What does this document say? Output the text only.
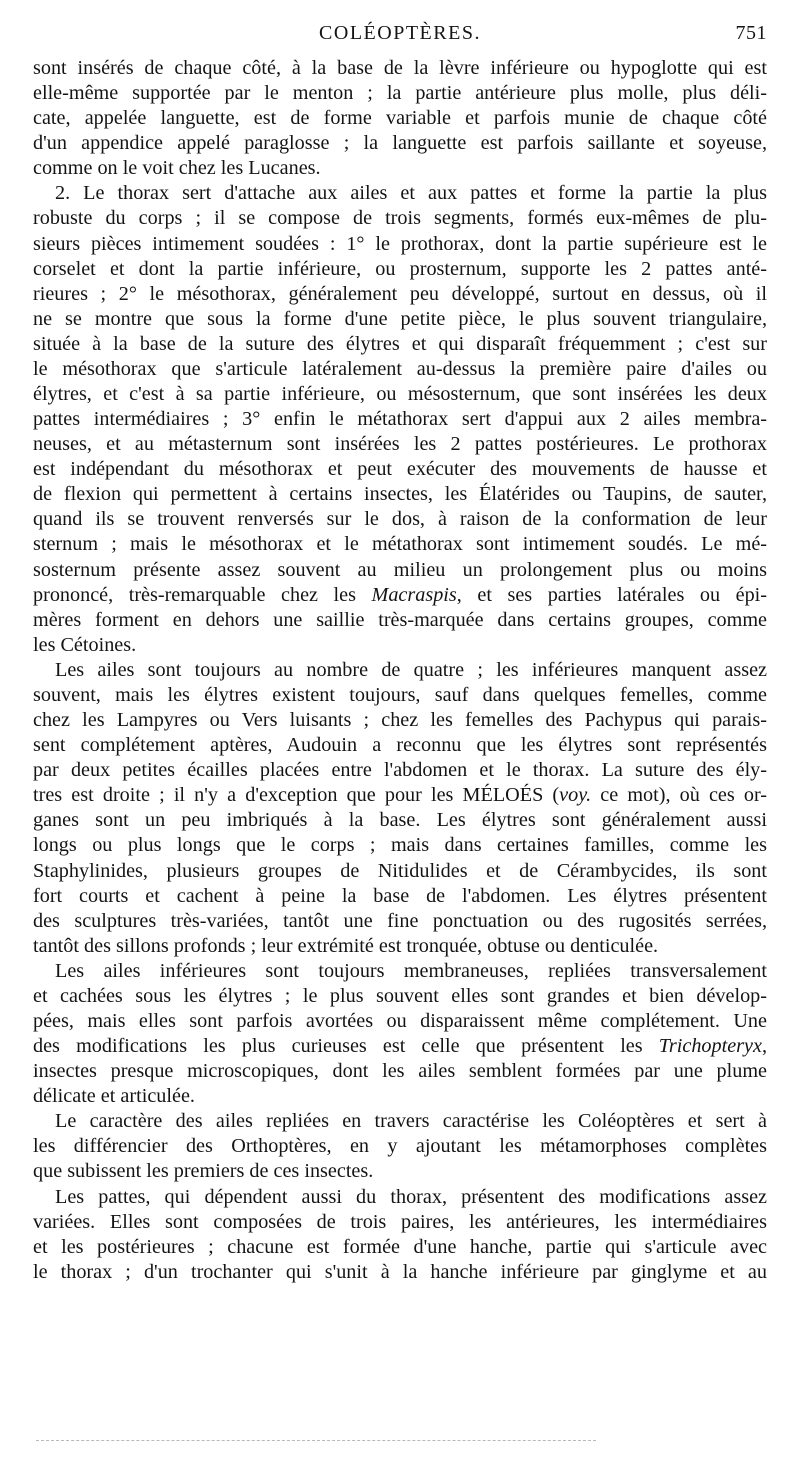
COLÉOPTÈRES.	751
sont insérés de chaque côté, à la base de la lèvre inférieure ou hypoglotte qui est
elle-même supportée par le menton ; la partie antérieure plus molle, plus déli-
cate, appelée languette, est de forme variable et parfois munie de chaque côté
d'un appendice appelé paraglosse ; la languette est parfois saillante et soyeuse,
comme on le voit chez les Lucanes.
2. Le thorax sert d'attache aux ailes et aux pattes et forme la partie la plus
robuste du corps ; il se compose de trois segments, formés eux-mêmes de plu-
sieurs pièces intimement soudées : 1° le prothorax, dont la partie supérieure est le
corselet et dont la partie inférieure, ou prosternum, supporte les 2 pattes anté-
rieures ; 2° le mésothorax, généralement peu développé, surtout en dessus, où il
ne se montre que sous la forme d'une petite pièce, le plus souvent triangulaire,
située à la base de la suture des élytres et qui disparaît fréquemment ; c'est sur
le mésothorax que s'articule latéralement au-dessus la première paire d'ailes ou
élytres, et c'est à sa partie inférieure, ou mésosternum, que sont insérées les deux
pattes intermédiaires ; 3° enfin le métathorax sert d'appui aux 2 ailes membra-
neuses, et au métasternum sont insérées les 2 pattes postérieures. Le prothorax
est indépendant du mésothorax et peut exécuter des mouvements de hausse et
de flexion qui permettent à certains insectes, les Élatérides ou Taupins, de sauter,
quand ils se trouvent renversés sur le dos, à raison de la conformation de leur
sternum ; mais le mésothorax et le métathorax sont intimement soudés. Le mé-
sosternum présente assez souvent au milieu un prolongement plus ou moins
prononcé, très-remarquable chez les Macraspis, et ses parties latérales ou épi-
mères forment en dehors une saillie très-marquée dans certains groupes, comme
les Cétoines.
Les ailes sont toujours au nombre de quatre ; les inférieures manquent assez
souvent, mais les élytres existent toujours, sauf dans quelques femelles, comme
chez les Lampyres ou Vers luisants ; chez les femelles des Pachypus qui parais-
sent complétement aptères, Audouin a reconnu que les élytres sont représentés
par deux petites écailles placées entre l'abdomen et le thorax. La suture des ély-
tres est droite ; il n'y a d'exception que pour les MÉLOÉS (voy. ce mot), où ces or-
ganes sont un peu imbriqués à la base. Les élytres sont généralement aussi
longs ou plus longs que le corps ; mais dans certaines familles, comme les
Staphylinides, plusieurs groupes de Nitidulides et de Cérambycides, ils sont
fort courts et cachent à peine la base de l'abdomen. Les élytres présentent
des sculptures très-variées, tantôt une fine ponctuation ou des rugosités serrées,
tantôt des sillons profonds ; leur extrémité est tronquée, obtuse ou denticulée.
Les ailes inférieures sont toujours membraneuses, repliées transversalement
et cachées sous les élytres ; le plus souvent elles sont grandes et bien dévelop-
pées, mais elles sont parfois avortées ou disparaissent même complétement. Une
des modifications les plus curieuses est celle que présentent les Trichopteryx,
insectes presque microscopiques, dont les ailes semblent formées par une plume
délicate et articulée.
Le caractère des ailes repliées en travers caractérise les Coléoptères et sert à
les différencier des Orthoptères, en y ajoutant les métamorphoses complètes
que subissent les premiers de ces insectes.
Les pattes, qui dépendent aussi du thorax, présentent des modifications assez
variées. Elles sont composées de trois paires, les antérieures, les intermédiaires
et les postérieures ; chacune est formée d'une hanche, partie qui s'articule avec
le thorax ; d'un trochanter qui s'unit à la hanche inférieure par ginglyme et au
